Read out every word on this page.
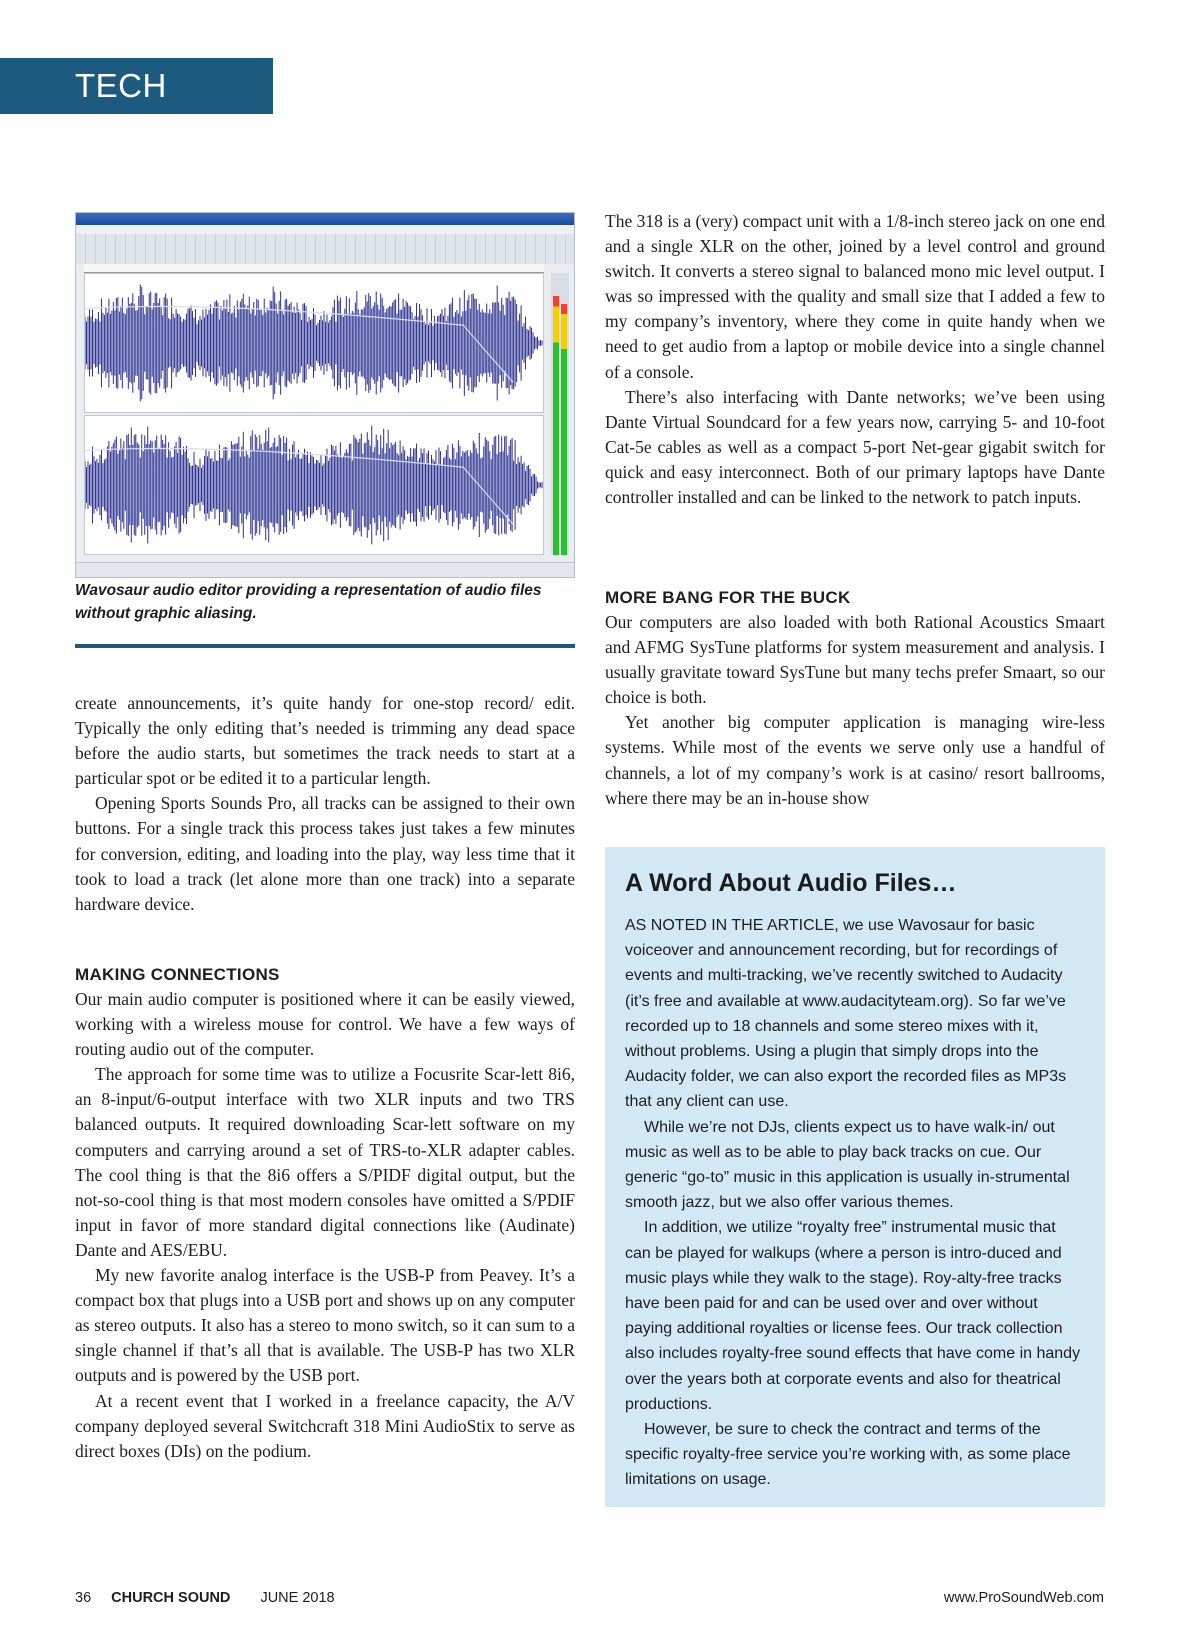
TECH NOTES
Wavosaur audio editor providing a representation of audio files without graphic aliasing.

create announcements, it’s quite handy for one-stop record/ edit. Typically the only editing that’s needed is trimming any dead space before the audio starts, but sometimes the track needs to start at a particular spot or be edited it to a particular length.

Opening Sports Sounds Pro, all tracks can be assigned to their own buttons. For a single track this process takes just takes a few minutes for conversion, editing, and loading into the play, way less time that it took to load a track (let alone more than one track) into a separate hardware device.

MAKING CONNECTIONS

Our main audio computer is positioned where it can be easily viewed, working with a wireless mouse for control. We have a few ways of routing audio out of the computer.

The approach for some time was to utilize a Focusrite Scar-lett 8i6, an 8-input/6-output interface with two XLR inputs and two TRS balanced outputs. It required downloading Scar-lett software on my computers and carrying around a set of TRS-to-XLR adapter cables. The cool thing is that the 8i6 offers a S/PIDF digital output, but the not-so-cool thing is that most modern consoles have omitted a S/PDIF input in favor of more standard digital connections like (Audinate) Dante and AES/EBU.

My new favorite analog interface is the USB-P from Peavey. It’s a compact box that plugs into a USB port and shows up on any computer as stereo outputs. It also has a stereo to mono switch, so it can sum to a single channel if that’s all that is available. The USB-P has two XLR outputs and is powered by the USB port.

At a recent event that I worked in a freelance capacity, the A/V company deployed several Switchcraft 318 Mini AudioStix to serve as direct boxes (DIs) on the podium.

The 318 is a (very) compact unit with a 1/8-inch stereo jack on one end and a single XLR on the other, joined by a level control and ground switch. It converts a stereo signal to balanced mono mic level output. I was so impressed with the quality and small size that I added a few to my company’s inventory, where they come in quite handy when we need to get audio from a laptop or mobile device into a single channel of a console.

There’s also interfacing with Dante networks; we’ve been using Dante Virtual Soundcard for a few years now, carrying 5- and 10-foot Cat-5e cables as well as a compact 5-port Net-gear gigabit switch for quick and easy interconnect. Both of our primary laptops have Dante controller installed and can be linked to the network to patch inputs.

MORE BANG FOR THE BUCK

Our computers are also loaded with both Rational Acoustics Smaart and AFMG SysTune platforms for system measurement and analysis. I usually gravitate toward SysTune but many techs prefer Smaart, so our choice is both.

Yet another big computer application is managing wire-less systems. While most of the events we serve only use a handful of channels, a lot of my company’s work is at casino/ resort ballrooms, where there may be an in-house show

A Word About Audio Files…

AS NOTED IN THE ARTICLE, we use Wavosaur for basic voiceover and announcement recording, but for recordings of events and multi-tracking, we’ve recently switched to Audacity (it’s free and available at www.audacityteam.org). So far we’ve recorded up to 18 channels and some stereo mixes with it, without problems. Using a plugin that simply drops into the Audacity folder, we can also export the recorded files as MP3s that any client can use.

While we’re not DJs, clients expect us to have walk-in/ out music as well as to be able to play back tracks on cue. Our generic “go-to” music in this application is usually in-strumental smooth jazz, but we also offer various themes.

In addition, we utilize “royalty free” instrumental music that can be played for walkups (where a person is intro-duced and music plays while they walk to the stage). Roy-alty-free tracks have been paid for and can be used over and over without paying additional royalties or license fees. Our track collection also includes royalty-free sound effects that have come in handy over the years both at corporate events and also for theatrical productions.

However, be sure to check the contract and terms of the specific royalty-free service you’re working with, as some place limitations on usage.

36 CHURCH SOUND JUNE 2018	www.ProSoundWeb.com
